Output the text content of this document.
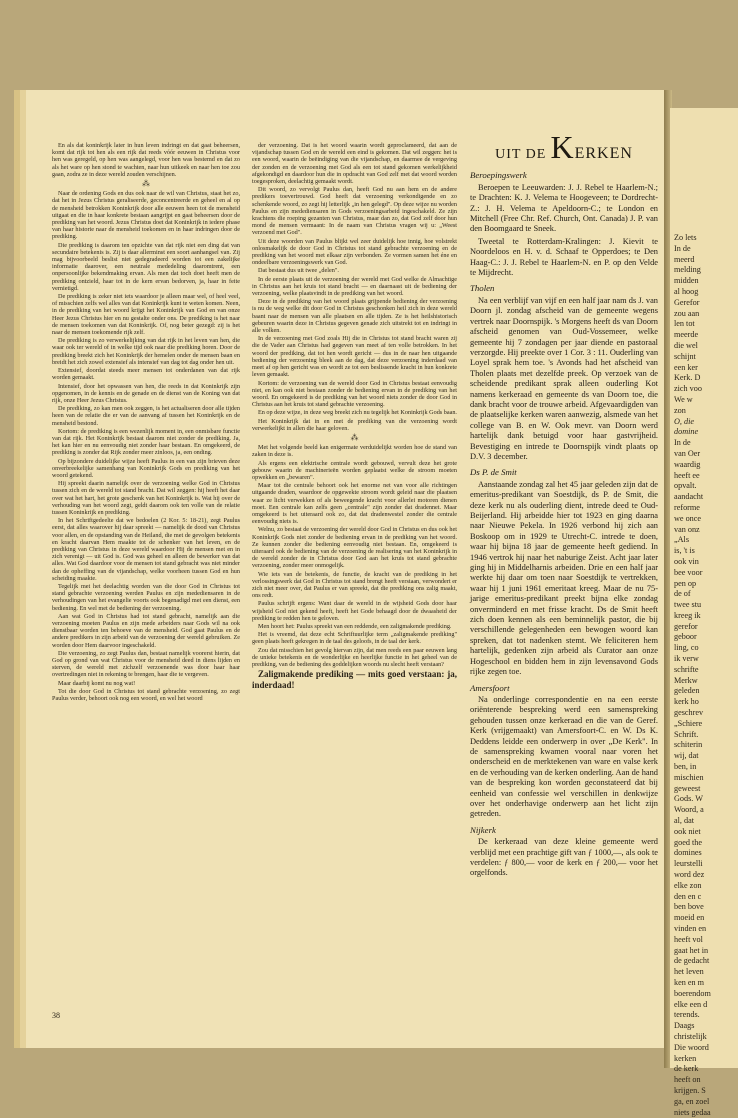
Zo lets
In de
meerd
melding
midden
al hoog
Gerefor
zou aan
len tot
meerde
die wel
schijnt
een ker
Kerk. D
zich voo
We w
zon
O, die
domine
In de
van Oer
waardig
heeft ee
opvalt.
aandacht
reforme
we once
van onz
„Als
is, 't is
ook vin
bee voor
pen op
de of
twee stu
kreeg ik
gerefor
geboor
ling, co
ik verw
schrifte
Merkw
geleden
kerk ho
geschrev
„Schiere
Schrift.
schiterin
wij, dat
ben, in
mischien
geweest
Gods. W
Woord, a
al, dat
ook niet
goed the
domines
leurstelli
word dez
elke zon
den en c
ben bove
moeid en
vinden en
heeft vol
gaat het in
de gedacht
het leven
ken en m
boerendom
elke een d
terends.
Daags
christelijk
Die woord
kerken
de kerk
heeft on
krijgen. S
ga, en zoel
niets gedaa

En als dat koninkrijk later in hun leven indringt en dat gaat beheersen, komt dat rijk tot hen als een rijk dat reeds vóór eeuwen in Christus voor hen was geregeld, op hen was aangelegd, voor hen was bestemd en dat zo als het ware op hen stond te wachten, naar hun uitkeek en naar hen toe zou gaan, zodra ze in deze wereld zouden verschijnen.

⁂

Naar de ordening Gods en dus ook naar de wil van Christus, staat het zo, dat het in Jezus Christus geraliseerde, geconcentreerde en geheel en al op de mensheid betrokken Koninkrijk door alle eeuwen heen tot de mensheid uitgaat en die in haar konkrete bestaan aangrijpt en gaat beheersen door de prediking van het woord. Jezus Christus doet dat Koninkrijk in iedere phase van haar historie naar de mensheid toekomen en in haar indringen door de prediking.

Die prediking is daarom ten opzichte van dat rijk niet een ding dat van secundaire betekenis is. Zij is daar allerminst een soort aanhangsel van. Zij mag bijvoorbeeld beslist niet gedegradeerd worden tot een zakelijke informatie daarover, een neutrale mededeling daaromtrent, een onpersoonlijke bekendmaking ervan. Als men dat toch doet heeft men de prediking ontzield, haar tot in de kern ervan bedorven, ja, haar in feite vernietigd.

De prediking is zeker niet iets waardoor je alleen maar wel, of heel veel, of misschien zelfs wel alles van dat Koninkrijk kunt te weten komen. Neen, in de prediking van het woord krijgt het Koninkrijk van God en van onze Heer Jezus Christus hier en nu gestalte onder ons. De prediking is het naar de mensen toekomen van dat Koninkrijk. Of, nog beter gezegd: zij is het naar de mensen toekomende rijk zelf.

De prediking is zo verwerkelijking van dat rijk in het leven van hen, die waar ook ter wereld of in welke tijd ook naar die prediking horen. Door de prediking breekt zich het Koninkrijk der hemelen onder de mensen baan en breidt het zich zowel extensief als intensief van dag tot dag onder hen uit.

Extensief, doordat steeds meer mensen tot onderdanen van dat rijk worden gemaakt.

Intensief, door het opwassen van hen, die reeds in dat Koninkrijk zijn opgenomen, in de kennis en de genade en de dienst van de Koning van dat rijk, onze Heer Jezus Christus.

De prediking, zo kan men ook zeggen, is het actualiseren door alle tijden heen van de relatie die er van de aanvang af tussen het Koninkrijk en de mensheid bestond.

Kortom: de prediking is een wezenlijk moment in, een onmisbare functie van dat rijk. Het Koninkrijk bestaat daarom niet zonder de prediking. Ja, het kan hier en nu eenvoudig niet zonder haar bestaan. En omgekeerd, de prediking is zonder dat Rijk zonder meer zinloos, ja, een onding.

Op bijzondere duidelijke wijze heeft Paulus in een van zijn brieven deze onverbreekelijke samenhang van Koninkrijk Gods en prediking van het woord getekend.

Hij spreekt daarin namelijk over de verzoening welke God in Christus tussen zich en de wereld tot stand bracht. Dat wil zeggen: hij heeft het daar over wat het hart, het grote geschenk van het Koninkrijk is. Wat hij over de verhouding van het woord zegt, geldt daarom ook ten volle van de relatie tussen Koninkrijk en prediking.

In het Schriftgedeelte dat we bedoelen (2 Kor. 5: 18-21), zegt Paulus eerst, dat alles waarover hij daar spreekt — namelijk de dood van Christus voor allen, en de opstanding van de Heiland, die met de gevolgen betekenis en kracht daarvan Hem maakte tot de schenker van het leven, en de prediking van Christus in deze wereld waardoor Hij de mensen met en in zich verenigt — uit God is. God was geheel en alleen de bewerker van dat alles. Wat God daardoor voor de mensen tot stand gebracht was niet minder dan de opheffing van de vijandschap, welke voorheen tussen God en hun scheiding maakte.

Tegelijk met het deelachtig worden van die door God in Christus tot stand gebrachte verzoening werden Paulus en zijn medediensaren in de verhoudingen van het evangelie voorts ook begenadigd met een dienst, een bediening. En wel met de bediening der verzoening.

Aan wat God in Christus had tot stand gebracht, namelijk aan die verzoening moeten Paulus en zijn mede arbeiders naar Gods wil na ook dienstbaar worden ten behoeve van de mensheid. God gaat Paulus en de andere predikers in zijn arbeid van de verzoening der wereld gebruiken. Ze worden door Hem daarvoor ingeschakeld.

Die verzoening, zo zegt Paulus dan, bestaat namelijk voorerst hierin, dat God op grond van wat Christus voor de mensheid deed in diens lijden en sterven, de wereld met zichzelf verzoenende was door haar haar overtredingen niet in rekening te brengen, haar die te vergeven.

Maar daarbij komt nu nog wat!

Tot die door God in Christus tot stand gebrachte verzoening, zo zegt Paulus verder, behoort ook nog een woord, en wel het woord

der verzoening. Dat is het woord waarin wordt geproclameerd, dat aan de vijandschap tussen God en de wereld een eind is gekomen. Dat wil zeggen: het is een woord, waarin de beëindiging van die vijandschap, en daarmee de vergeving der zonden en de verzoening met God als een tot stand gekomen werkelijkheid afgekondigd en daardoor hun die in opdracht van God zelf met dat woord worden toegesproken, deelachtig gemaakt wordt.

Dit woord, zo vervolgt Paulus dan, heeft God nu aan hem en de andere predikers toevertrouwd. God heeft dat verzoening verkondigende en zo schenkende woord, zo zegt hij letterlijk „in hen gelegd". Op deze wijze nu worden Paulus en zijn medediensaren in Gods verzoeningsarbeid ingeschakeld. Ze zijn krachtens die roeping gezanten van Christus, maar dan zo, dat God zelf door hun mond de mensen vermaant: In de naam van Christus vragen wij u: „Weest verzoend met God".

Uit deze woorden van Paulus blijkt wel zeer duidelijk hoe innig, hoe volstrekt onlosmakelijk de door God in Christus tot stand gebrachte verzoening en de prediking van het woord met elkaar zijn verbonden. Ze vormen samen het éne en ondeelbare verzoeningswerk van God.

Dat bestaat dus uit twee „delen".

In de eerste plaats uit de verzoening der wereld met God welke de Almachtige in Christus aan het kruis tot stand bracht — en daarnaast uit de bediening der verzoening, welke plaatsvindt in de prediking van het woord.

Deze in de prediking van het woord plaats grijpende bediening der verzoening is nu de weg welke dit door God in Christus geschonken heil zich in deze wereld baant naar de mensen van alle plaatsen en alle tijden. Ze is het heilshistorisch gebeuren waarin deze in Christus gegeven genade zich uitstrekt tot en indringt in alle volken.

In de verzoening met God zoals Hij die in Christus tot stand bracht waren zij die de Vader aan Christus had gegeven van meet af ten volle betrokken. In het woord der prediking, dat tot hen wordt gericht — dus in de naar hen uitgaande bediening der verzoening bleek aan de dag, dat deze verzoening inderdaad van meet af op hen gericht was en wordt ze tot een beslissende kracht in hun konkrete leven gemaakt.

Kortom: de verzoening van de wereld door God in Christus bestaat eenvoudig niet, en kan ook niet bestaan zonder de bediening ervan in de prediking van het woord. En omgekeerd is de prediking van het woord niets zonder de door God in Christus aan het kruis tot stand gebrachte verzoening.

En op deze wijze, in deze weg breekt zich nu tegelijk het Koninkrijk Gods baan.

Het Koninkrijk dat in en met de prediking van die verzoening wordt verwerkelijkt in allen die haar geloven.

⁂

Met het volgende beeld kan enigermate verduidelijkt worden hoe de stand van zaken in deze is.

Als ergens een elektrische centrale wordt gebouwd, vervult deze het grote gebouw waarin de machinerieën worden geplaatst welke de stroom moeten opwekken en „bewaren".

Maar tot die centrale behoort ook het enorme net van voor alle richtingen uitgaande draden, waardoor de opgewekte stroom wordt geleid naar die plaatsen waar ze licht verwekken of als beweegende kracht voor allerlei motoren dienen moet. Een centrale kan zelfs geen „centrale" zijn zonder dat dradennet. Maar omgekeerd is het uiteraard ook zo, dat dat dradenwestel zonder die centrale eenvoudig niets is.

Welnu, zo bestaat de verzoening der wereld door God in Christus en dus ook het Koninkrijk Gods niet zonder de bediening ervan in de prediking van het woord. Ze kunnen zonder die bediening eenvoudig niet bestaan. En, omgekeerd is uiteraard ook de bediening van de verzoening de realisering van het Koninkrijk in de wereld zonder de in Christus door God aan het kruis tot stand gebrachte verzoening, zonder meer onmogelijk.

Wie iets van de betekenis, de functie, de kracht van de prediking in het verlossingswerk dat God in Christus tot stand brengt heeft verstaan, verwondert er zich niet meer over, dat Paulus er van spreekt, dat die prediking ons zalig maakt, ons redt.

Paulus schrijft ergens: Want daar de wereld in de wijsheid Gods door haar wijsheid God niet gekend heeft, heeft het Gode behaagd door de dwaasheid der prediking te redden hen te geloven.

Men hoort het: Paulus spreekt van een reddende, een zaligmakende prediking.

Het is vreemd, dat deze echt Schriftuurlijke term „zaligmakende prediking" geen plaats heeft gekregen in de taal des geloofs, in de taal der kerk.

Zou dat misschien het gevolg hiervan zijn, dat men reeds een paar eeuwen lang de unieke betekenis en de wonderlijke en heerlijke functie in het geheel van de prediking, van de bediening des goddelijken woords nu slecht heeft verstaan?

Zaligmakende prediking — mits goed verstaan: ja, inderdaad!

UIT DE KERKEN
Beroepingswerk

Beroepen te Leeuwarden: J. J. Rebel te Haarlem-N.; te Drachten: K. J. Velema te Hoogeveen; te Dordrecht-Z.: J. H. Velema te Apeldoorn-C.; te London en Mitchell (Free Chr. Ref. Church, Ont. Canada) J. P. van den Boomgaard te Sneek.

Tweetal te Rotterdam-Kralingen: J. Kievit te Noordeloos en H. v. d. Schaaf te Opperdoes; te Den Haag-C.: J. J. Rebel te Haarlem-N. en P. op den Velde te Mijdrecht.

Tholen

Na een verblijf van vijf en een half jaar nam ds J. van Doorn jl. zondag afscheid van de gemeente wegens vertrek naar Doornspijk. 's Morgens heeft ds van Doorn afscheid genomen van Oud-Vossemeer, welke gemeente hij 7 zondagen per jaar diende en pastoraal verzorgde. Hij preekte over 1 Cor. 3 : 11. Ouderling van Loyel sprak hem toe. 's Avonds had het afscheid van Tholen plaats met dezelfde preek. Op verzoek van de scheidende predikant sprak alleen ouderling Kot namens kerkeraad en gemeente ds van Doorn toe, die dank bracht voor de trouwe arbeid. Afgevaardigden van de plaatselijke kerken waren aanwezig, alsmede van het college van B. en W. Ook mevr. van Doorn werd hartelijk dank betuigd voor haar gastvrijheid. Bevestiging en intrede te Doornspijk vindt plaats op D.V. 3 december.

Ds P. de Smit

Aanstaande zondag zal het 45 jaar geleden zijn dat de emeritus-predikant van Soestdijk, ds P. de Smit, die deze kerk nu als ouderling dient, intrede deed te Oud-Beijerland. Hij arbeidde hier tot 1923 en ging daarna naar Nieuwe Pekela. In 1926 verbond hij zich aan Boskoop om in 1929 te Utrecht-C. intrede te doen, waar hij bijna 18 jaar de gemeente heeft gediend. In 1946 vertrok hij naar het naburige Zeist. Acht jaar later ging hij in Middelharnis arbeiden. Drie en een half jaar werkte hij daar om toen naar Soestdijk te vertrekken, waar hij 1 juni 1961 emeritaat kreeg. Maar de nu 75-jarige emeritus-predikant preekt bijna elke zondag onverminderd en met frisse kracht. Ds de Smit heeft zich doen kennen als een beminnelijk pastor, die bij verschillende gelegenheden een bewogen woord kan spreken, dat tot nadenken stemt. We feliciteren hem hartelijk, gedenken zijn arbeid als Curator aan onze Hogeschool en bidden hem in zijn levensavond Gods rijke zegen toe.

Amersfoort

Na onderlinge correspondentie en na een eerste oriënterende bespreking werd een samenspreking gehouden tussen onze kerkeraad en die van de Geref. Kerk (vrijgemaakt) van Amersfoort-C. en W. Ds K. Deddens leidde een onderwerp in over „De Kerk". In de samenspreking kwamen vooral naar voren het onderscheid en de merktekenen van ware en valse kerk en de verhouding van de kerken onderling. Aan de hand van de bespreking kon worden geconstateerd dat bij eenheid van confessie wel verschillen in denkwijze over het onderhavige onderwerp aan het licht zijn getreden.

Nijkerk

De kerkeraad van deze kleine gemeente werd verblijd met een prachtige gift van ƒ 1000,—, als ook te verdelen: ƒ 800,— voor de kerk en ƒ 200,— voor het orgelfonds.

38
